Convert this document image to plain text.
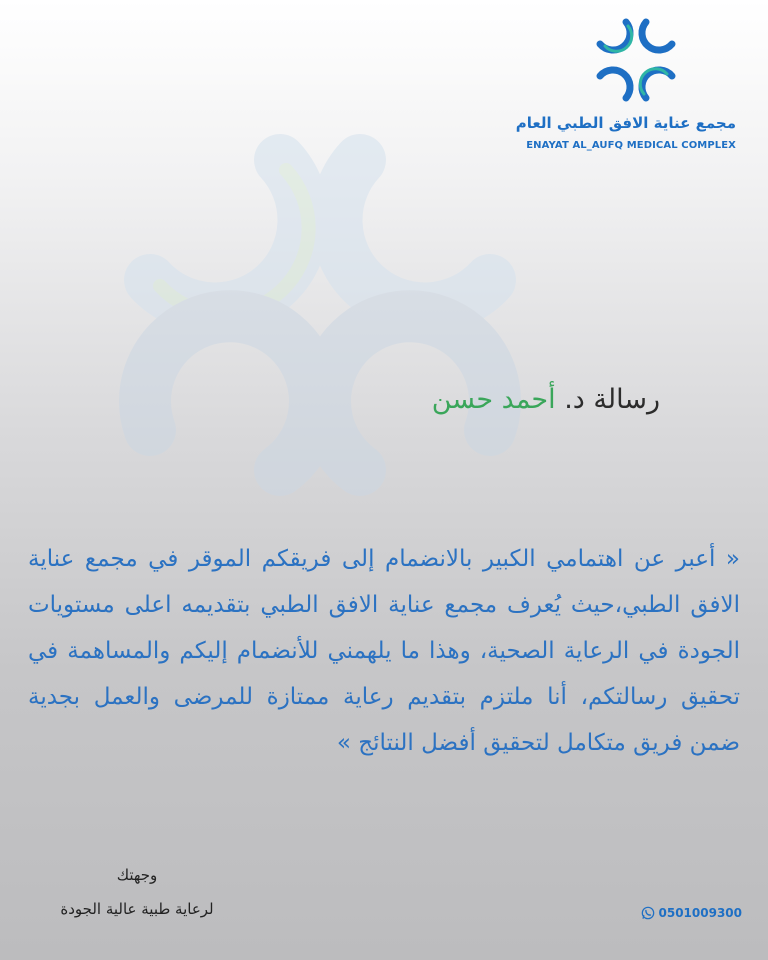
مجمع عناية الافق الطبي العام
ENAYAT AL_AUFQ MEDICAL COMPLEX
رسالة د. أحمد حسن
« أعبر عن اهتمامي الكبير بالانضمام إلى فريقكم الموقر في مجمع عناية الافق الطبي،حيث يُعرف مجمع عناية الافق الطبي بتقديمه اعلى مستويات الجودة في الرعاية الصحية، وهذا ما يلهمني للأنضمام إليكم والمساهمة في تحقيق رسالتكم، أنا ملتزم بتقديم رعاية ممتازة للمرضى والعمل بجدية ضمن فريق متكامل لتحقيق أفضل النتائج »
وجهتك
لرعاية طبية عالية الجودة	0501009300
